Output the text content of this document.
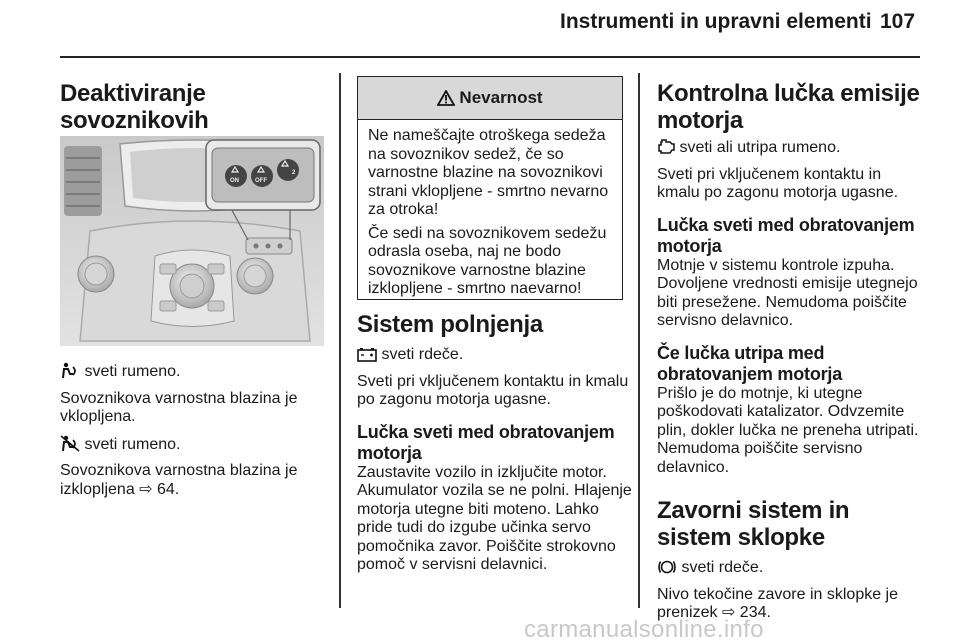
Instrumenti in upravni elementi 107
Deaktiviranje sovoznikovih
ON	OFF
2
sveti rumeno.
Sovoznikova varnostna blazina je vklopljena.
sveti rumeno.
Sovoznikova varnostna blazina je izklopljena ⇨ 64.
Nevarnost
Ne nameščajte otroškega sedeža na sovoznikov sedež, če so varnostne blazine na sovoznikovi strani vklopljene - smrtno nevarno za otroka!
Če sedi na sovoznikovem sedežu odrasla oseba, naj ne bodo sovoznikove varnostne blazine izklopljene - smrtno naevarno!
Sistem polnjenja
sveti rdeče.
Sveti pri vključenem kontaktu in kmalu po zagonu motorja ugasne.
Lučka sveti med obratovanjem motorja
Zaustavite vozilo in izključite motor. Akumulator vozila se ne polni. Hlajenje motorja utegne biti moteno. Lahko pride tudi do izgube učinka servo pomočnika zavor. Poiščite strokovno pomoč v servisni delavnici.
Kontrolna lučka emisije motorja
sveti ali utripa rumeno.
Sveti pri vključenem kontaktu in kmalu po zagonu motorja ugasne.
Lučka sveti med obratovanjem motorja
Motnje v sistemu kontrole izpuha. Dovoljene vrednosti emisije utegnejo biti presežene. Nemudoma poiščite servisno delavnico.
Če lučka utripa med obratovanjem motorja
Prišlo je do motnje, ki utegne poškodovati katalizator. Odvzemite plin, dokler lučka ne preneha utripati. Nemudoma poiščite servisno delavnico.
Zavorni sistem in sistem sklopke
sveti rdeče.
Nivo tekočine zavore in sklopke je prenizek ⇨ 234.
carmanualsonline.info
